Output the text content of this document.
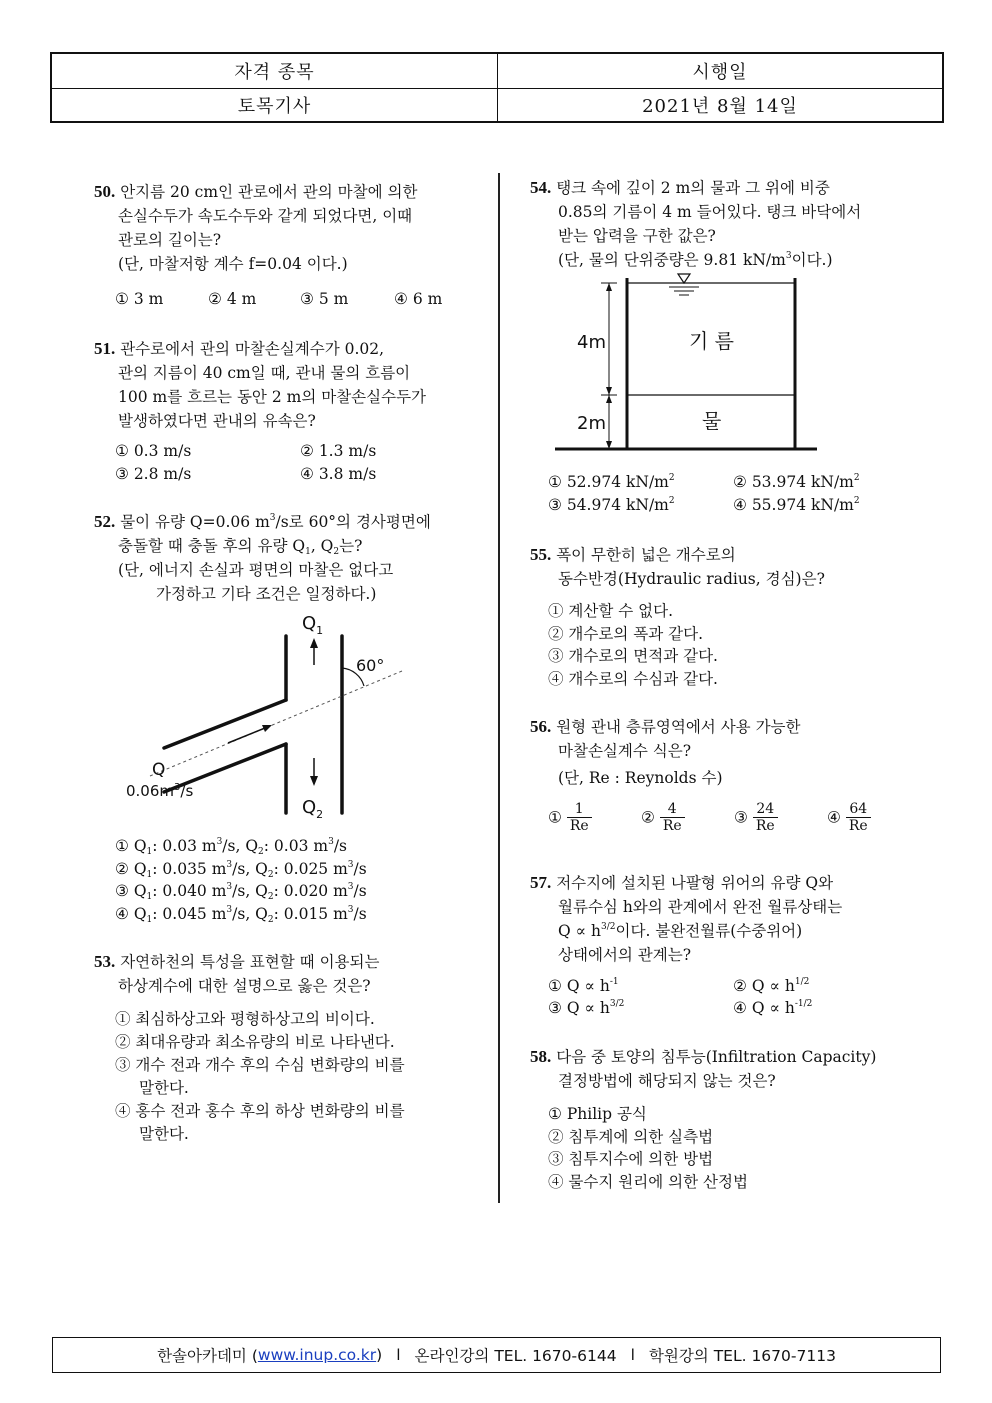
자격 종목	시행일
토목기사	2021년 8월 14일
50. 안지름 20 cm인 관로에서 관의 마찰에 의한
손실수두가 속도수두와 같게 되었다면, 이때
관로의 길이는?
(단, 마찰저항 계수 f=0.04 이다.)
① 3 m	② 4 m	③ 5 m	④ 6 m
51. 관수로에서 관의 마찰손실계수가 0.02,
관의 지름이 40 cm일 때, 관내 물의 흐름이
100 m를 흐르는 동안 2 m의 마찰손실수두가
발생하였다면 관내의 유속은?
① 0.3 m/s	② 1.3 m/s
③ 2.8 m/s	④ 3.8 m/s
52. 물이 유량 Q=0.06 $m^3/s$로 60°의 경사평면에
충돌할 때 충돌 후의 유량 $Q_1$, $Q_2$는?
(단, 에너지 손실과 평면의 마찰은 없다고
가정하고 기타 조건은 일정하다.)
$Q_1$
60°
Q
$0.06m^3/s$
$Q_2$
① $Q_1$: 0.03 $m^3/s$, $Q_2$: 0.03 $m^3/s$
② $Q_1$: 0.035 $m^3/s$, $Q_2$: 0.025 $m^3/s$
③ $Q_1$: 0.040 $m^3/s$, $Q_2$: 0.020 $m^3/s$
④ $Q_1$: 0.045 $m^3/s$, $Q_2$: 0.015 $m^3/s$
53. 자연하천의 특성을 표현할 때 이용되는
하상계수에 대한 설명으로 옳은 것은?
① 최심하상고와 평형하상고의 비이다.
② 최대유량과 최소유량의 비로 나타낸다.
③ 개수 전과 개수 후의 수심 변화량의 비를
말한다.
④ 홍수 전과 홍수 후의 하상 변화량의 비를
말한다.
54. 탱크 속에 깊이 2 m의 물과 그 위에 비중
0.85의 기름이 4 m 들어있다. 탱크 바닥에서
받는 압력을 구한 값은?
(단, 물의 단위중량은 9.81 $kN/m^3$이다.)
4m
2m
기 름
물
① 52.974 $kN/m^2$	② 53.974 $kN/m^2$
③ 54.974 $kN/m^2$	④ 55.974 $kN/m^2$
55. 폭이 무한히 넓은 개수로의
동수반경(Hydraulic radius, 경심)은?
① 계산할 수 없다.
② 개수로의 폭과 같다.
③ 개수로의 면적과 같다.
④ 개수로의 수심과 같다.
56. 원형 관내 층류영역에서 사용 가능한
마찰손실계수 식은?
(단, Re : Reynolds 수)
① $\frac{1}{Re}$	② $\frac{4}{Re}$	③ $\frac{24}{Re}$	④ $\frac{64}{Re}$
57. 저수지에 설치된 나팔형 위어의 유량 Q와
월류수심 h와의 관계에서 완전 월류상태는
$Q \propto h^{3/2}$이다. 불완전월류(수중위어)
상태에서의 관계는?
① $Q \propto h^{-1}$	② $Q \propto h^{1/2}$
③ $Q \propto h^{3/2}$	④ $Q \propto h^{-1/2}$
58. 다음 중 토양의 침투능(Infiltration Capacity)
결정방법에 해당되지 않는 것은?
① Philip 공식
② 침투계에 의한 실측법
③ 침투지수에 의한 방법
④ 물수지 원리에 의한 산정법
한솔아카데미 ( www.inup.co.kr ) l 온라인강의 TEL. 1670-6144 l 학원강의 TEL. 1670-7113
